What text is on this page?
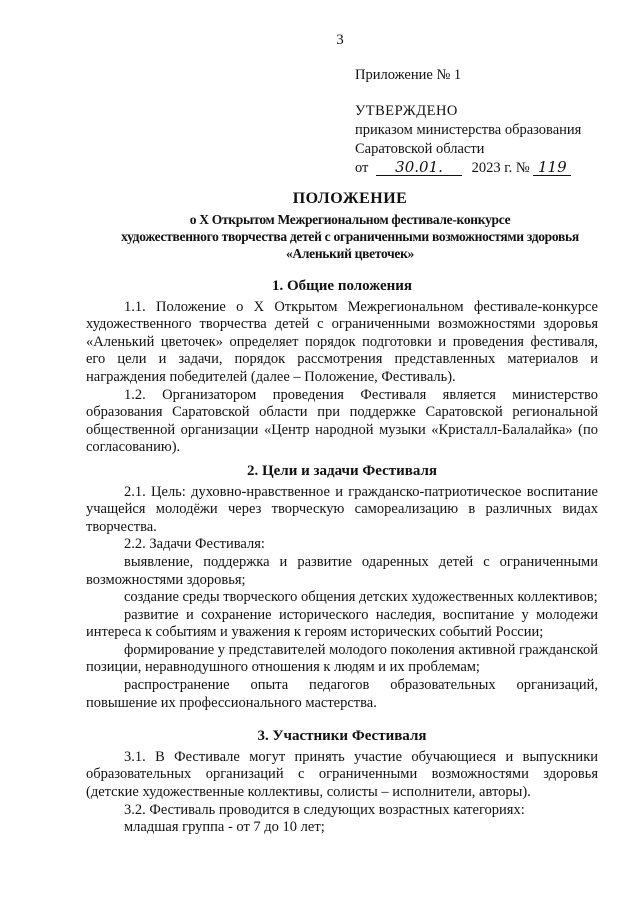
3
Приложение № 1
УТВЕРЖДЕНО
приказом министерства образования
Саратовской области
от 30.01. 2023 г. № 119
ПОЛОЖЕНИЕ
о X Открытом Межрегиональном фестивале-конкурсе
художественного творчества детей с ограниченными возможностями здоровья
«Аленький цветочек»
1. Общие положения

1.1. Положение о X Открытом Межрегиональном фестивале-конкурсе художественного творчества детей с ограниченными возможностями здоровья «Аленький цветочек» определяет порядок подготовки и проведения фестиваля, его цели и задачи, порядок рассмотрения представленных материалов и награждения победителей (далее – Положение, Фестиваль).

1.2. Организатором проведения Фестиваля является министерство образования Саратовской области при поддержке Саратовской региональной общественной организации «Центр народной музыки «Кристалл-Балалайка» (по согласованию).

2. Цели и задачи Фестиваля

2.1. Цель: духовно-нравственное и гражданско-патриотическое воспитание учащейся молодёжи через творческую самореализацию в различных видах творчества.

2.2. Задачи Фестиваля:

выявление, поддержка и развитие одаренных детей с ограниченными возможностями здоровья;

создание среды творческого общения детских художественных коллективов;

развитие и сохранение исторического наследия, воспитание у молодежи интереса к событиям и уважения к героям исторических событий России;

формирование у представителей молодого поколения активной гражданской позиции, неравнодушного отношения к людям и их проблемам;

распространение опыта педагогов образовательных организаций, повышение их профессионального мастерства.

3. Участники Фестиваля

3.1. В Фестивале могут принять участие обучающиеся и выпускники образовательных организаций с ограниченными возможностями здоровья (детские художественные коллективы, солисты – исполнители, авторы).

3.2. Фестиваль проводится в следующих возрастных категориях:

младшая группа - от 7 до 10 лет;
